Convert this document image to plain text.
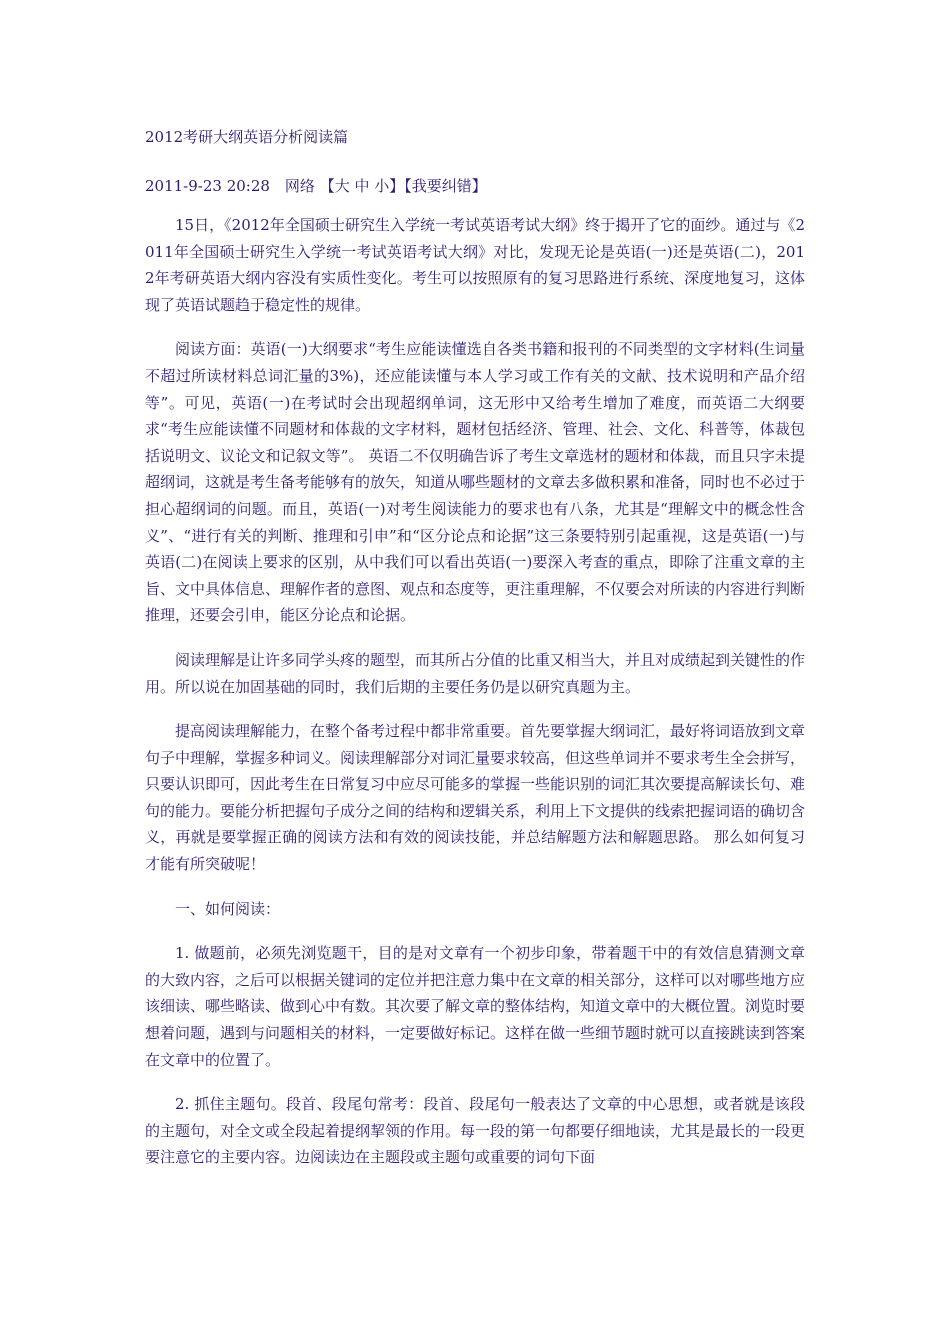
2012考研大纲英语分析阅读篇
2011-9-23 20:28　网络 【大 中 小】【我要纠错】

15日，《2012年全国硕士研究生入学统一考试英语考试大纲》终于揭开了它的面纱。通过与《2011年全国硕士研究生入学统一考试英语考试大纲》对比，发现无论是英语(一)还是英语(二)，2012年考研英语大纲内容没有实质性变化。考生可以按照原有的复习思路进行系统、深度地复习，这体现了英语试题趋于稳定性的规律。

阅读方面：英语(一)大纲要求“考生应能读懂选自各类书籍和报刊的不同类型的文字材料(生词量不超过所读材料总词汇量的3%)，还应能读懂与本人学习或工作有关的文献、技术说明和产品介绍等”。可见，英语(一)在考试时会出现超纲单词，这无形中又给考生增加了难度，而英语二大纲要求“考生应能读懂不同题材和体裁的文字材料，题材包括经济、管理、社会、文化、科普等，体裁包括说明文、议论文和记叙文等”。 英语二不仅明确告诉了考生文章选材的题材和体裁，而且只字未提超纲词，这就是考生备考能够有的放矢，知道从哪些题材的文章去多做积累和准备，同时也不必过于担心超纲词的问题。而且，英语(一)对考生阅读能力的要求也有八条，尤其是“理解文中的概念性含义”、“进行有关的判断、推理和引申”和“区分论点和论据”这三条要特别引起重视，这是英语(一)与英语(二)在阅读上要求的区别，从中我们可以看出英语(一)要深入考查的重点，即除了注重文章的主旨、文中具体信息、理解作者的意图、观点和态度等，更注重理解，不仅要会对所读的内容进行判断推理，还要会引申，能区分论点和论据。

阅读理解是让许多同学头疼的题型，而其所占分值的比重又相当大，并且对成绩起到关键性的作用。所以说在加固基础的同时，我们后期的主要任务仍是以研究真题为主。

提高阅读理解能力，在整个备考过程中都非常重要。首先要掌握大纲词汇，最好将词语放到文章句子中理解，掌握多种词义。阅读理解部分对词汇量要求较高，但这些单词并不要求考生全会拼写，只要认识即可，因此考生在日常复习中应尽可能多的掌握一些能识别的词汇其次要提高解读长句、难句的能力。要能分析把握句子成分之间的结构和逻辑关系，利用上下文提供的线索把握词语的确切含义，再就是要掌握正确的阅读方法和有效的阅读技能，并总结解题方法和解题思路。 那么如何复习才能有所突破呢！

一、如何阅读：

1. 做题前，必须先浏览题干，目的是对文章有一个初步印象，带着题干中的有效信息猜测文章的大致内容，之后可以根据关键词的定位并把注意力集中在文章的相关部分，这样可以对哪些地方应该细读、哪些略读、做到心中有数。其次要了解文章的整体结构，知道文章中的大概位置。浏览时要想着问题，遇到与问题相关的材料，一定要做好标记。这样在做一些细节题时就可以直接跳读到答案在文章中的位置了。

2. 抓住主题句。段首、段尾句常考：段首、段尾句一般表达了文章的中心思想，或者就是该段的主题句，对全文或全段起着提纲挈领的作用。每一段的第一句都要仔细地读，尤其是最长的一段更要注意它的主要内容。边阅读边在主题段或主题句或重要的词句下面
